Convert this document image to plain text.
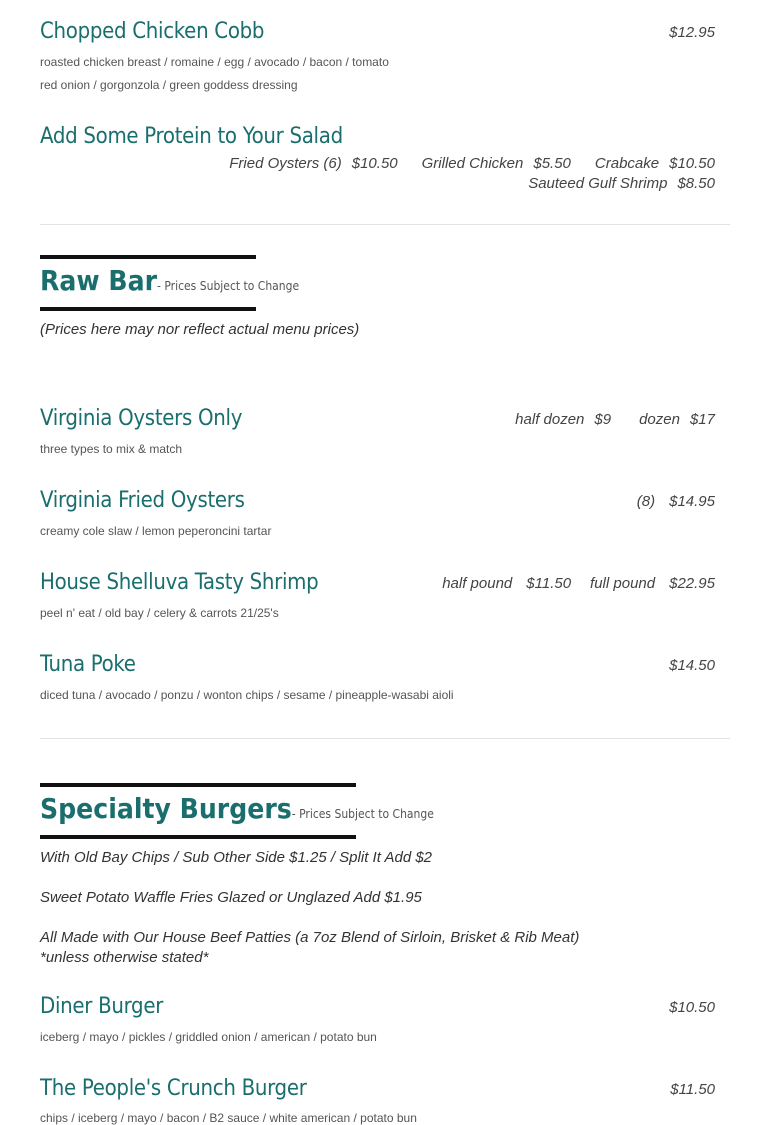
Chopped Chicken Cobb	$12.95
roasted chicken breast / romaine / egg / avocado / bacon / tomato
red onion / gorgonzola / green goddess dressing
Add Some Protein to Your Salad
Fried Oysters (6) $10.50 Grilled Chicken $5.50 Crabcake $10.50
Sauteed Gulf Shrimp $8.50
Raw Bar- Prices Subject to Change
(Prices here may nor reflect actual menu prices)
Virginia Oysters Only	half dozen $9 dozen $17
three types to mix & match
Virginia Fried Oysters	(8) $14.95
creamy cole slaw / lemon peperoncini tartar
House Shelluva Tasty Shrimp	half pound $11.50 full pound $22.95
peel n' eat / old bay / celery & carrots 21/25's
Tuna Poke	$14.50
diced tuna / avocado / ponzu / wonton chips / sesame / pineapple-wasabi aioli
Specialty Burgers- Prices Subject to Change
With Old Bay Chips / Sub Other Side $1.25 / Split It Add $2
Sweet Potato Waffle Fries Glazed or Unglazed Add $1.95
All Made with Our House Beef Patties (a 7oz Blend of Sirloin, Brisket & Rib Meat)
*unless otherwise stated*
Diner Burger	$10.50
iceberg / mayo / pickles / griddled onion / american / potato bun
The People's Crunch Burger	$11.50
chips / iceberg / mayo / bacon / B2 sauce / white american / potato bun
